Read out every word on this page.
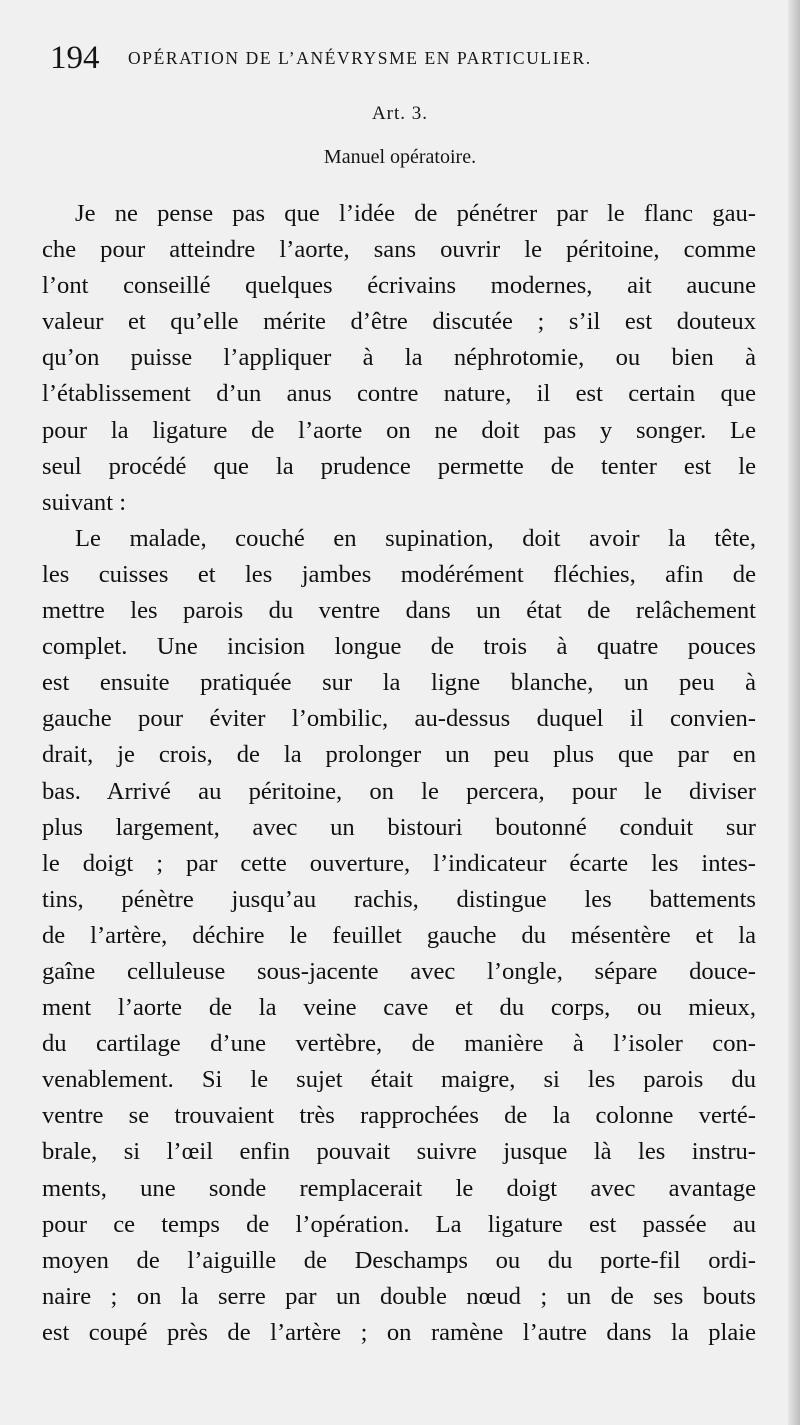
194 OPÉRATION DE L’ANÉVRYSME EN PARTICULIER.
Art. 3.
Manuel opératoire.
Je ne pense pas que l’idée de pénétrer par le flanc gau-
che pour atteindre l’aorte, sans ouvrir le péritoine, comme
l’ont conseillé quelques écrivains modernes, ait aucune
valeur et qu’elle mérite d’être discutée ; s’il est douteux
qu’on puisse l’appliquer à la néphrotomie, ou bien à
l’établissement d’un anus contre nature, il est certain que
pour la ligature de l’aorte on ne doit pas y songer. Le
seul procédé que la prudence permette de tenter est le
suivant :
Le malade, couché en supination, doit avoir la tête,
les cuisses et les jambes modérément fléchies, afin de
mettre les parois du ventre dans un état de relâchement
complet. Une incision longue de trois à quatre pouces
est ensuite pratiquée sur la ligne blanche, un peu à
gauche pour éviter l’ombilic, au-dessus duquel il convien-
drait, je crois, de la prolonger un peu plus que par en
bas. Arrivé au péritoine, on le percera, pour le diviser
plus largement, avec un bistouri boutonné conduit sur
le doigt ; par cette ouverture, l’indicateur écarte les intes-
tins, pénètre jusqu’au rachis, distingue les battements
de l’artère, déchire le feuillet gauche du mésentère et la
gaîne celluleuse sous-jacente avec l’ongle, sépare douce-
ment l’aorte de la veine cave et du corps, ou mieux,
du cartilage d’une vertèbre, de manière à l’isoler con-
venablement. Si le sujet était maigre, si les parois du
ventre se trouvaient très rapprochées de la colonne verté-
brale, si l’œil enfin pouvait suivre jusque là les instru-
ments, une sonde remplacerait le doigt avec avantage
pour ce temps de l’opération. La ligature est passée au
moyen de l’aiguille de Deschamps ou du porte-fil ordi-
naire ; on la serre par un double nœud ; un de ses bouts
est coupé près de l’artère ; on ramène l’autre dans la plaie
